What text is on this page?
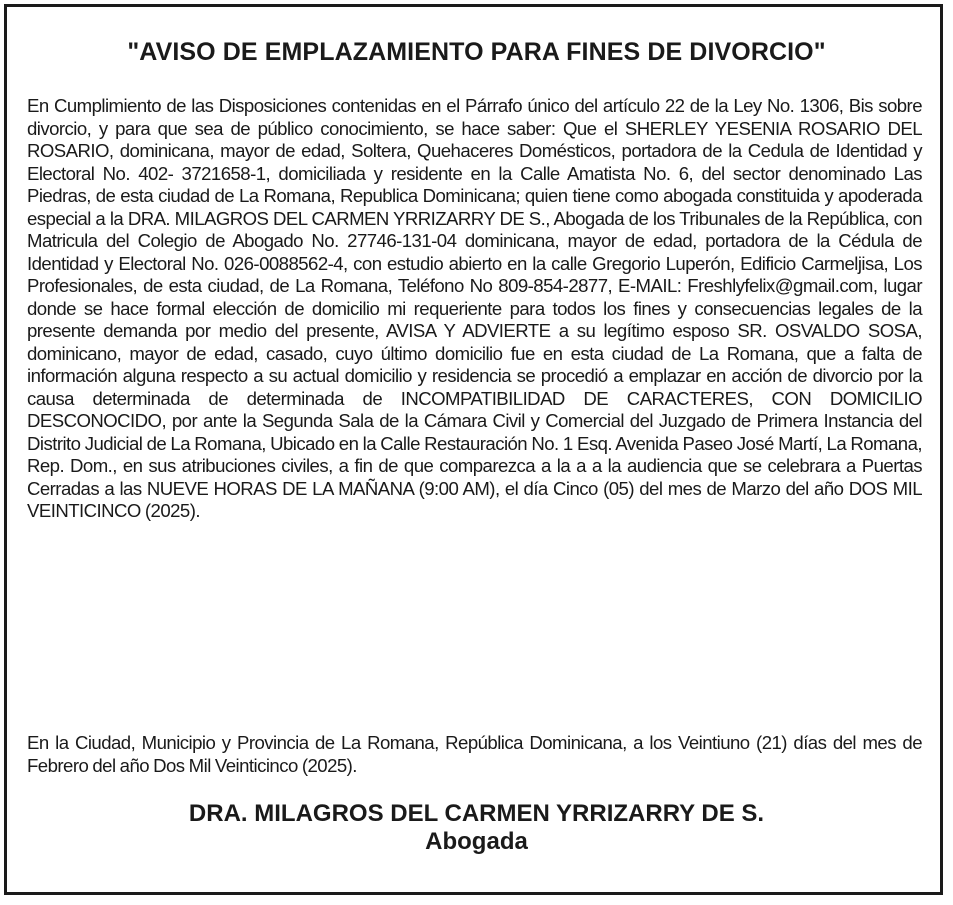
"AVISO DE EMPLAZAMIENTO PARA FINES DE DIVORCIO"

En Cumplimiento de las Disposiciones contenidas en el Párrafo único del artículo 22 de la Ley No. 1306, Bis sobre divorcio, y para que sea de público conocimiento, se hace saber: Que el SHERLEY YESENIA ROSARIO DEL ROSARIO, dominicana, mayor de edad, Soltera, Quehaceres Domésticos, portadora de la Cedula de Identidad y Electoral No. 402- 3721658-1, domiciliada y residente en la Calle Amatista No. 6, del sector denominado Las Piedras, de esta ciudad de La Romana, Republica Dominicana; quien tiene como abogada constituida y apoderada especial a la DRA. MILAGROS DEL CARMEN YRRIZARRY DE S., Abogada de los Tribunales de la República, con Matricula del Colegio de Abogado No. 27746-131-04 dominicana, mayor de edad, portadora de la Cédula de Identidad y Electoral No. 026-0088562-4, con estudio abierto en la calle Gregorio Luperón, Edificio Carmeljisa, Los Profesionales, de esta ciudad, de La Romana, Teléfono No 809-854-2877, E-MAIL: Freshlyfelix@gmail.com, lugar donde se hace formal elección de domicilio mi requeriente para todos los fines y consecuencias legales de la presente demanda por medio del presente, AVISA Y ADVIERTE a su legítimo esposo SR. OSVALDO SOSA, dominicano, mayor de edad, casado, cuyo último domicilio fue en esta ciudad de La Romana, que a falta de información alguna respecto a su actual domicilio y residencia se procedió a emplazar en acción de divorcio por la causa determinada de determinada de INCOMPATIBILIDAD DE CARACTERES, CON DOMICILIO DESCONOCIDO, por ante la Segunda Sala de la Cámara Civil y Comercial del Juzgado de Primera Instancia del Distrito Judicial de La Romana, Ubicado en la Calle Restauración No. 1 Esq. Avenida Paseo José Martí, La Romana, Rep. Dom., en sus atribuciones civiles, a fin de que comparezca a la a a la audiencia que se celebrara a Puertas Cerradas a las NUEVE HORAS DE LA MAÑANA (9:00 AM), el día Cinco (05) del mes de Marzo del año DOS MIL VEINTICINCO (2025).

En la Ciudad, Municipio y Provincia de La Romana, República Dominicana, a los Veintiuno (21) días del mes de Febrero del año Dos Mil Veinticinco (2025).

DRA. MILAGROS DEL CARMEN YRRIZARRY DE S.
Abogada
